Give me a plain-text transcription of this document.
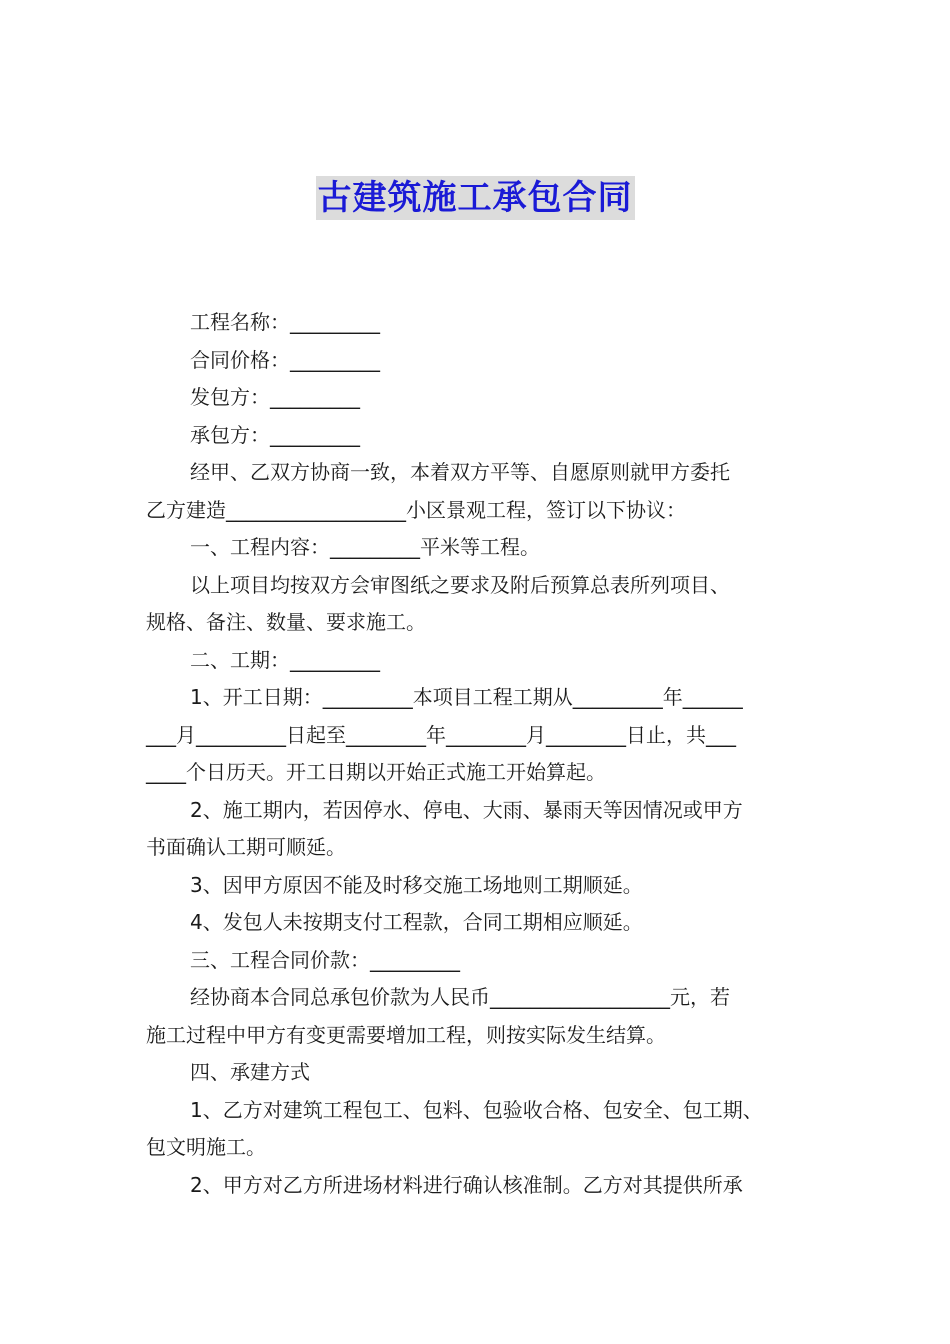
古建筑施工承包合同

工程名称：_________

合同价格：_________

发包方：_________

承包方：_________

经甲、乙双方协商一致，本着双方平等、自愿原则就甲方委托

乙方建造__________________小区景观工程，签订以下协议：

一、工程内容：_________平米等工程。

以上项目均按双方会审图纸之要求及附后预算总表所列项目、

规格、备注、数量、要求施工。

二、工期：_________

1、开工日期：_________本项目工程工期从_________年______

___月_________日起至________年________月________日止，共___

____个日历天。开工日期以开始正式施工开始算起。

2、施工期内，若因停水、停电、大雨、暴雨天等因情况或甲方

书面确认工期可顺延。

3、因甲方原因不能及时移交施工场地则工期顺延。

4、发包人未按期支付工程款，合同工期相应顺延。

三、工程合同价款：_________

经协商本合同总承包价款为人民币__________________元，若

施工过程中甲方有变更需要增加工程，则按实际发生结算。

四、承建方式

1、乙方对建筑工程包工、包料、包验收合格、包安全、包工期、

包文明施工。

2、甲方对乙方所进场材料进行确认核准制。乙方对其提供所承
